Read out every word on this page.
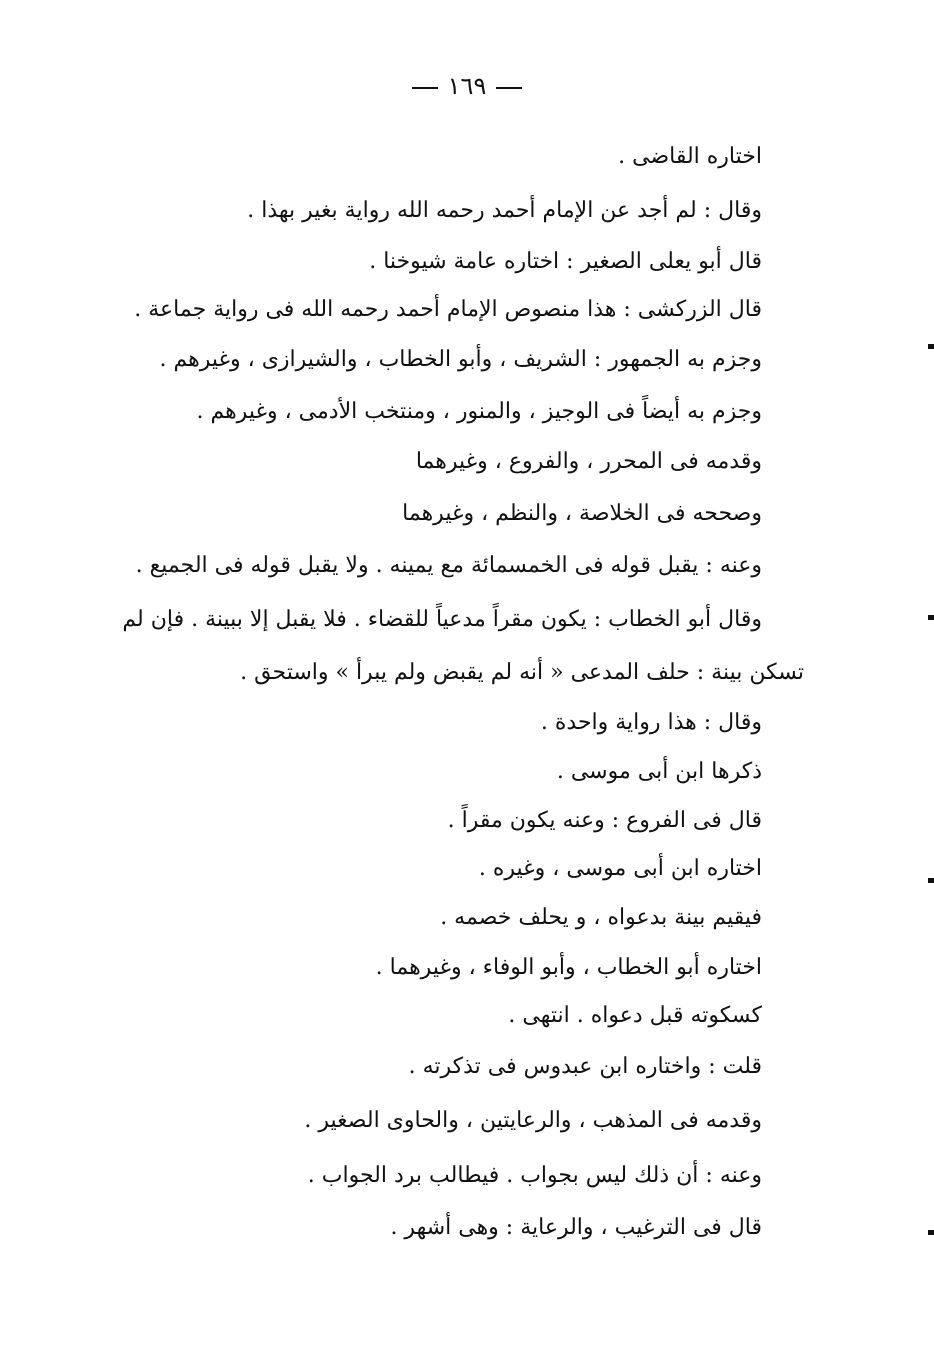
١٦٩
اختاره القاضى .
وقال : لم أجد عن الإمام أحمد رحمه الله رواية بغير بهذا .
قال أبو يعلى الصغير : اختاره عامة شيوخنا .
قال الزركشى : هذا منصوص الإمام أحمد رحمه الله فى رواية جماعة .
وجزم به الجمهور : الشريف ، وأبو الخطاب ، والشيرازى ، وغيرهم .
وجزم به أيضاً فى الوجيز ، والمنور ، ومنتخب الأدمى ، وغيرهم .
وقدمه فى المحرر ، والفروع ، وغيرهما
وصححه فى الخلاصة ، والنظم ، وغيرهما
وعنه : يقبل قوله فى الخمسمائة مع يمينه . ولا يقبل قوله فى الجميع .
وقال أبو الخطاب : يكون مقراً مدعياً للقضاء . فلا يقبل إلا ببينة . فإن لم
تسكن بينة : حلف المدعى « أنه لم يقبض ولم يبرأ » واستحق .
وقال : هذا رواية واحدة .
ذكرها ابن أبى موسى .
قال فى الفروع : وعنه يكون مقراً .
اختاره ابن أبى موسى ، وغيره .
فيقيم بينة بدعواه ، و يحلف خصمه .
اختاره أبو الخطاب ، وأبو الوفاء ، وغيرهما .
كسكوته قبل دعواه . انتهى .
قلت : واختاره ابن عبدوس فى تذكرته .
وقدمه فى المذهب ، والرعايتين ، والحاوى الصغير .
وعنه : أن ذلك ليس بجواب . فيطالب برد الجواب .
قال فى الترغيب ، والرعاية : وهى أشهر .
